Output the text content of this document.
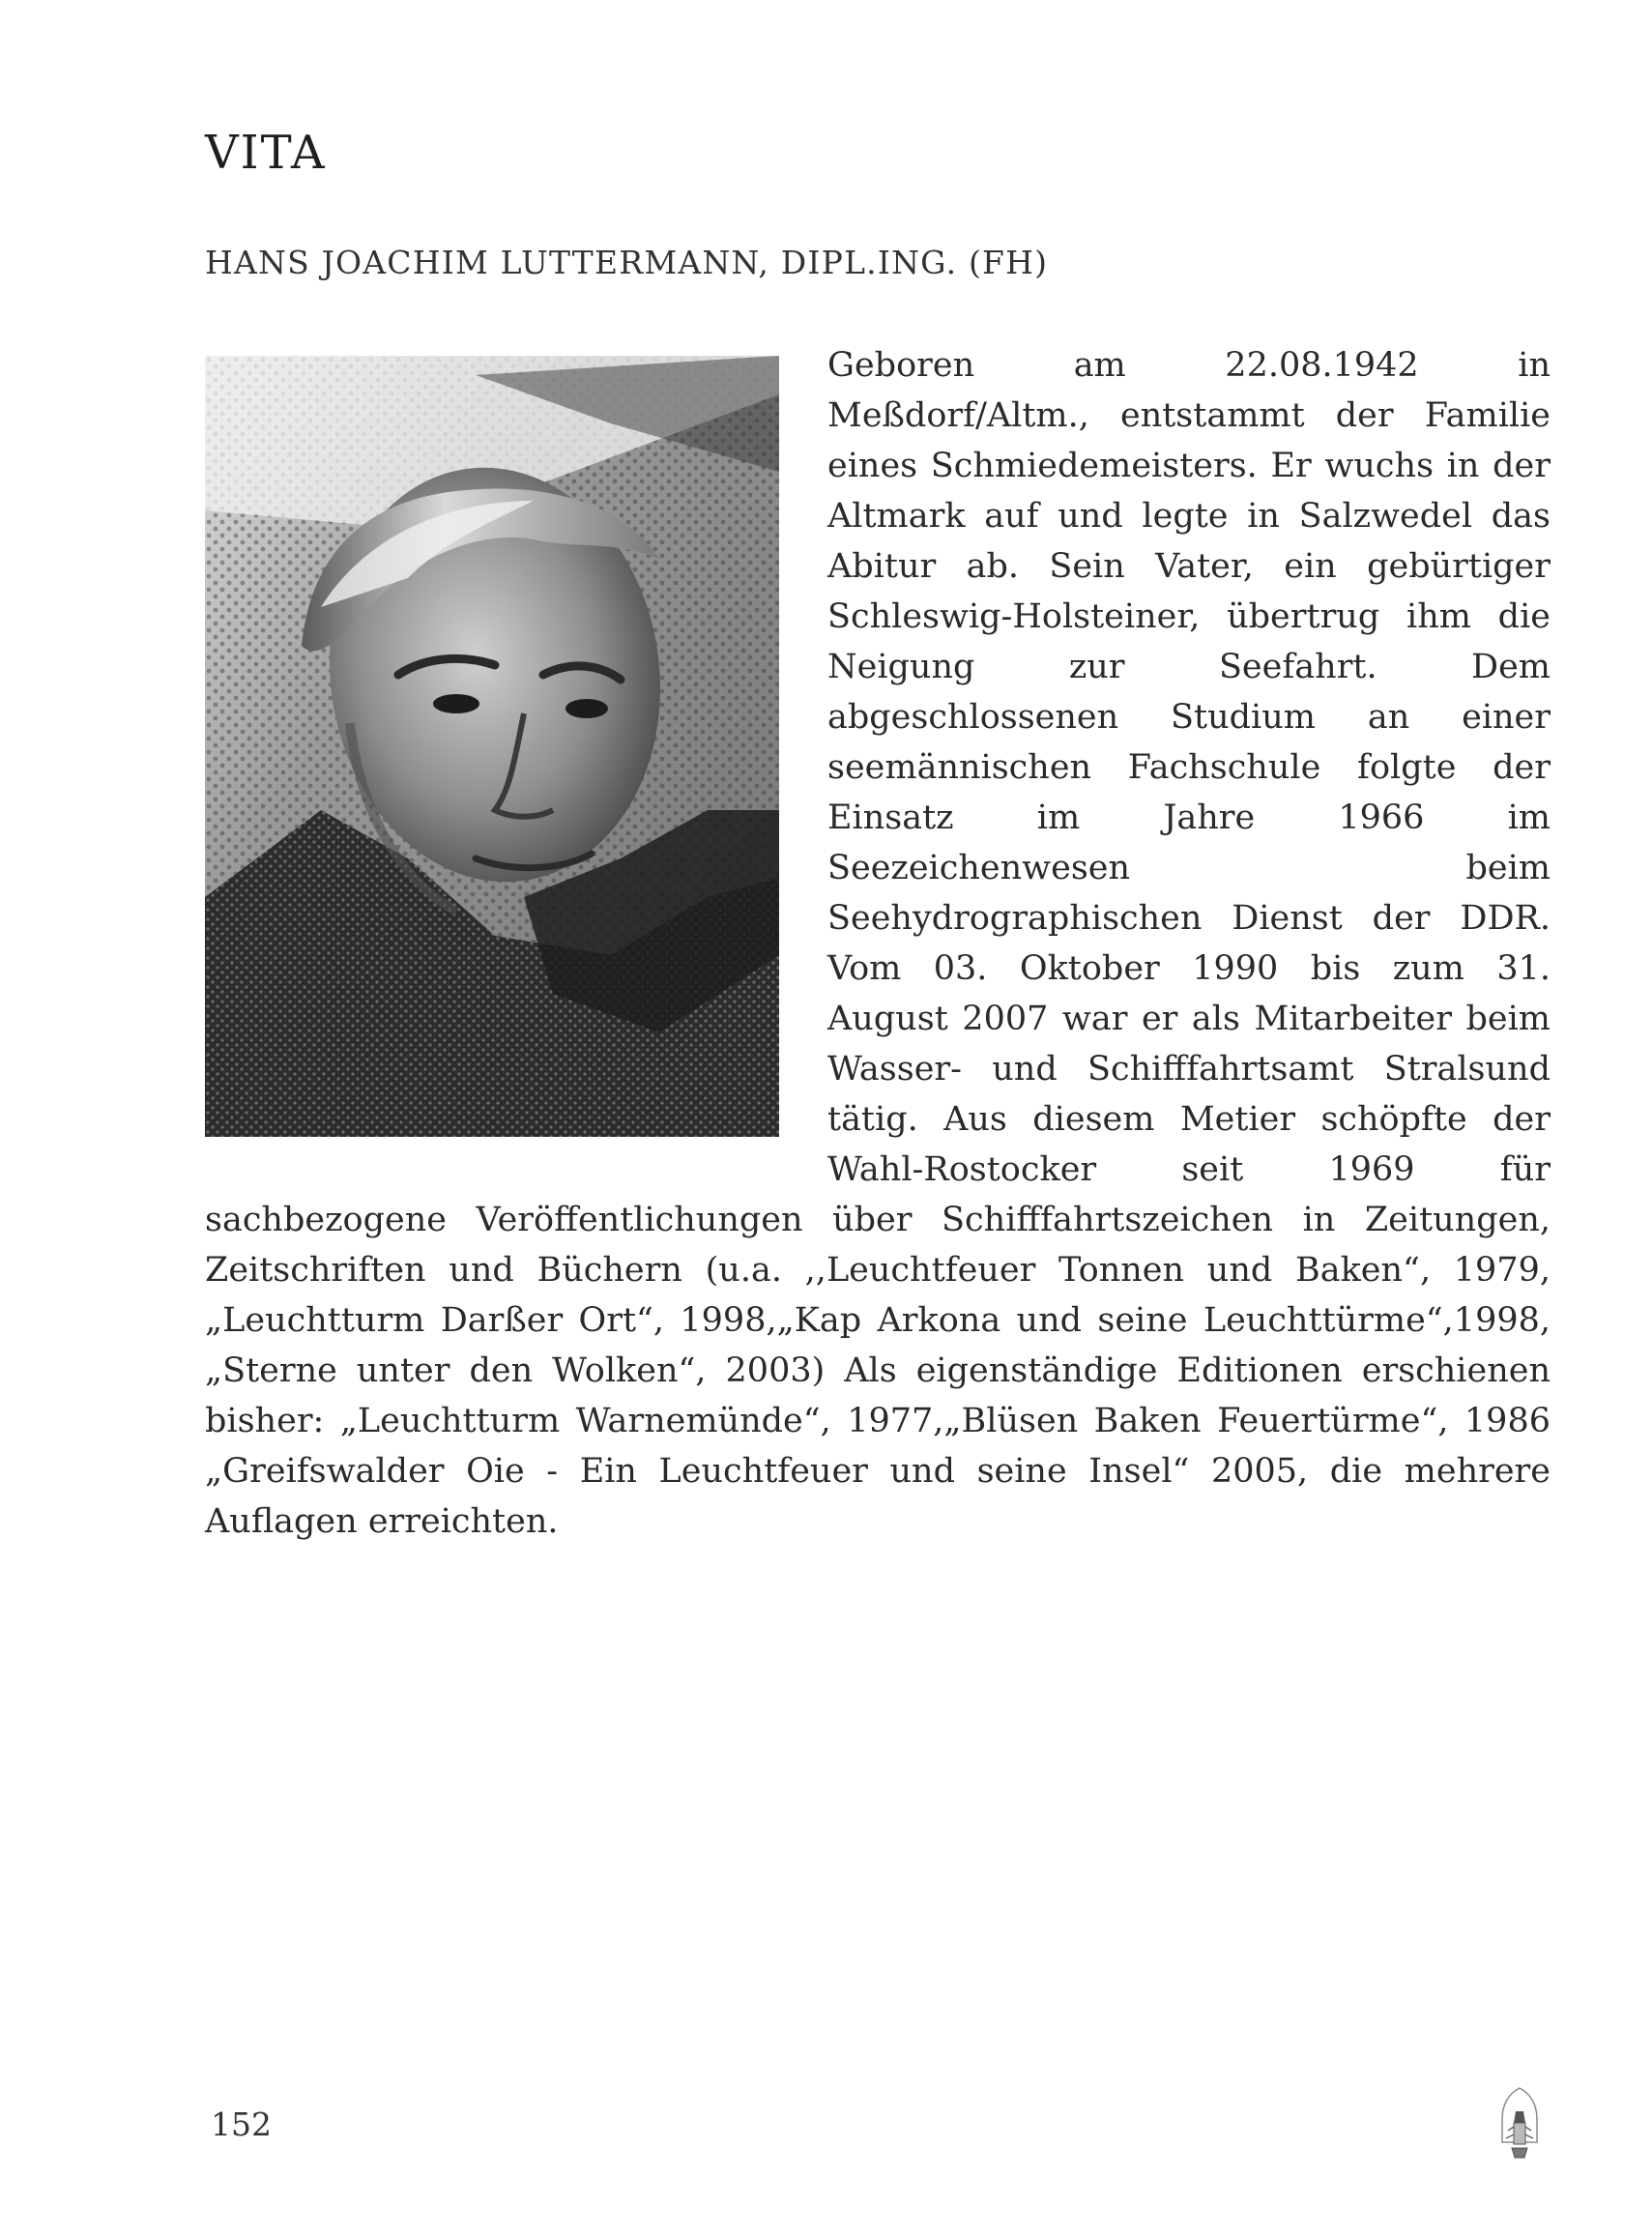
VITA
HANS JOACHIM LUTTERMANN, DIPL.ING. (FH)
Geboren am 22.08.1942 in Meßdorf/Altm., entstammt der Familie eines Schmiedemeisters. Er wuchs in der Altmark auf und legte in Salzwedel das Abitur ab. Sein Vater, ein gebürtiger Schleswig-Holsteiner, übertrug ihm die Neigung zur Seefahrt. Dem abgeschlossenen Studium an einer seemännischen Fachschule folgte der Einsatz im Jahre 1966 im Seezeichenwesen beim Seehydrographischen Dienst der DDR. Vom 03. Oktober 1990 bis zum 31. August 2007 war er als Mitarbeiter beim Wasser- und Schifffahrtsamt Stralsund tätig. Aus diesem Metier schöpfte der Wahl-Rostocker seit 1969 für sachbezogene Veröffentlichungen über Schifffahrtszeichen in Zeitungen, Zeitschriften und Büchern (u.a. ,,Leuchtfeuer Tonnen und Baken“, 1979,„Leuchtturm Darßer Ort“, 1998,„Kap Arkona und seine Leuchttürme“,1998, „Sterne unter den Wolken“, 2003) Als eigenständige Editionen erschienen bisher: „Leuchtturm Warnemünde“, 1977,„Blüsen Baken Feuertürme“, 1986 „Greifswalder Oie - Ein Leuchtfeuer und seine Insel“ 2005, die mehrere Auflagen erreichten.
152
